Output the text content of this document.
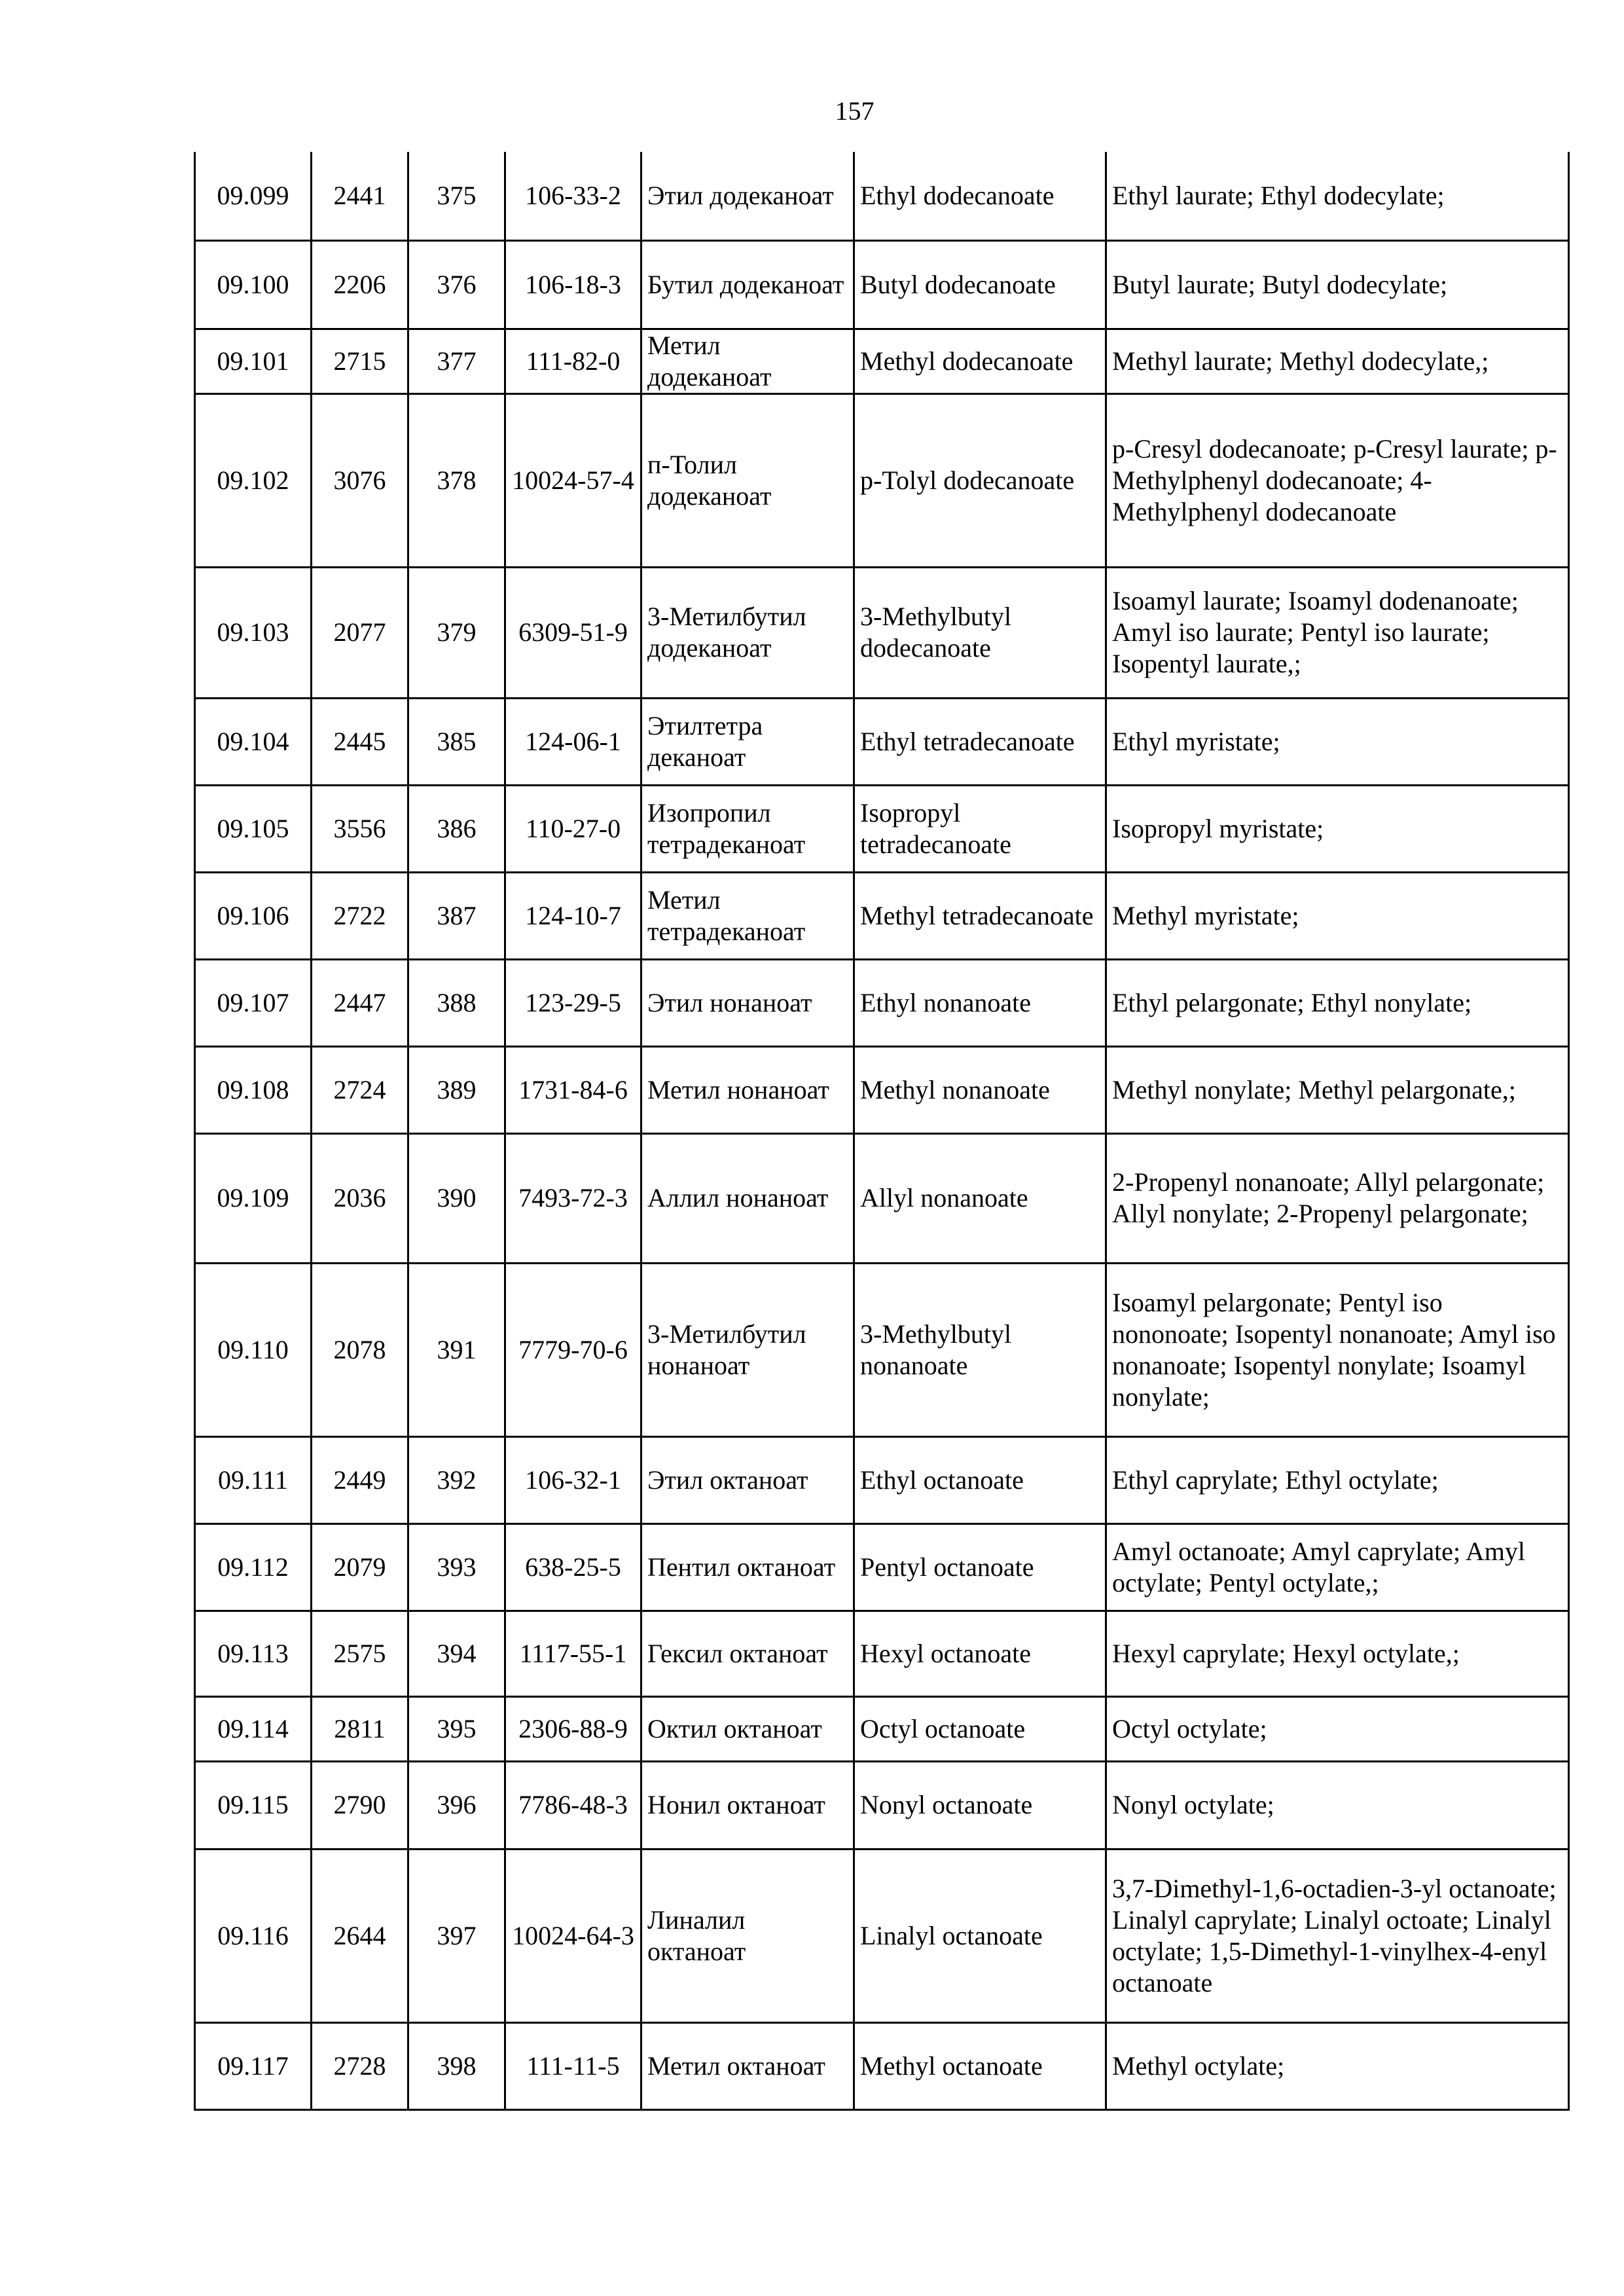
157
09.099	2441	375	106-33-2	Этил додеканоат	Ethyl dodecanoate	Ethyl laurate; Ethyl dodecylate;
09.100	2206	376	106-18-3	Бутил додеканоат	Butyl dodecanoate	Butyl laurate; Butyl dodecylate;
09.101	2715	377	111-82-0	Метил додеканоат	Methyl dodecanoate	Methyl laurate; Methyl dodecylate,;
09.102	3076	378	10024-57-4	п-Толил додеканоат	p-Tolyl dodecanoate	p-Cresyl dodecanoate; p-Cresyl laurate; p-Methylphenyl dodecanoate; 4-Methylphenyl dodecanoate
09.103	2077	379	6309-51-9	3-Метилбутил додеканоат	3-Methylbutyl dodecanoate	Isoamyl laurate; Isoamyl dodenanoate; Amyl iso laurate; Pentyl iso laurate; Isopentyl laurate,;
09.104	2445	385	124-06-1	Этилтетра деканоат	Ethyl tetradecanoate	Ethyl myristate;
09.105	3556	386	110-27-0	Изопропил тетрадеканоат	Isopropyl tetradecanoate	Isopropyl myristate;
09.106	2722	387	124-10-7	Метил тетрадеканоат	Methyl tetradecanoate	Methyl myristate;
09.107	2447	388	123-29-5	Этил нонаноат	Ethyl nonanoate	Ethyl pelargonate; Ethyl nonylate;
09.108	2724	389	1731-84-6	Метил нонаноат	Methyl nonanoate	Methyl nonylate; Methyl pelargonate,;
09.109	2036	390	7493-72-3	Аллил нонаноат	Allyl nonanoate	2-Propenyl nonanoate; Allyl pelargonate; Allyl nonylate; 2-Propenyl pelargonate;
09.110	2078	391	7779-70-6	3-Метилбутил нонаноат	3-Methylbutyl nonanoate	Isoamyl pelargonate; Pentyl iso nononoate; Isopentyl nonanoate; Amyl iso nonanoate; Isopentyl nonylate; Isoamyl nonylate;
09.111	2449	392	106-32-1	Этил октаноат	Ethyl octanoate	Ethyl caprylate; Ethyl octylate;
09.112	2079	393	638-25-5	Пентил октаноат	Pentyl octanoate	Amyl octanoate; Amyl caprylate; Amyl octylate; Pentyl octylate,;
09.113	2575	394	1117-55-1	Гексил октаноат	Hexyl octanoate	Hexyl caprylate; Hexyl octylate,;
09.114	2811	395	2306-88-9	Октил октаноат	Octyl octanoate	Octyl octylate;
09.115	2790	396	7786-48-3	Нонил октаноат	Nonyl octanoate	Nonyl octylate;
09.116	2644	397	10024-64-3	Линалил октаноат	Linalyl octanoate	3,7-Dimethyl-1,6-octadien-3-yl octanoate; Linalyl caprylate; Linalyl octoate; Linalyl octylate; 1,5-Dimethyl-1-vinylhex-4-enyl octanoate
09.117	2728	398	111-11-5	Метил октаноат	Methyl octanoate	Methyl octylate;
